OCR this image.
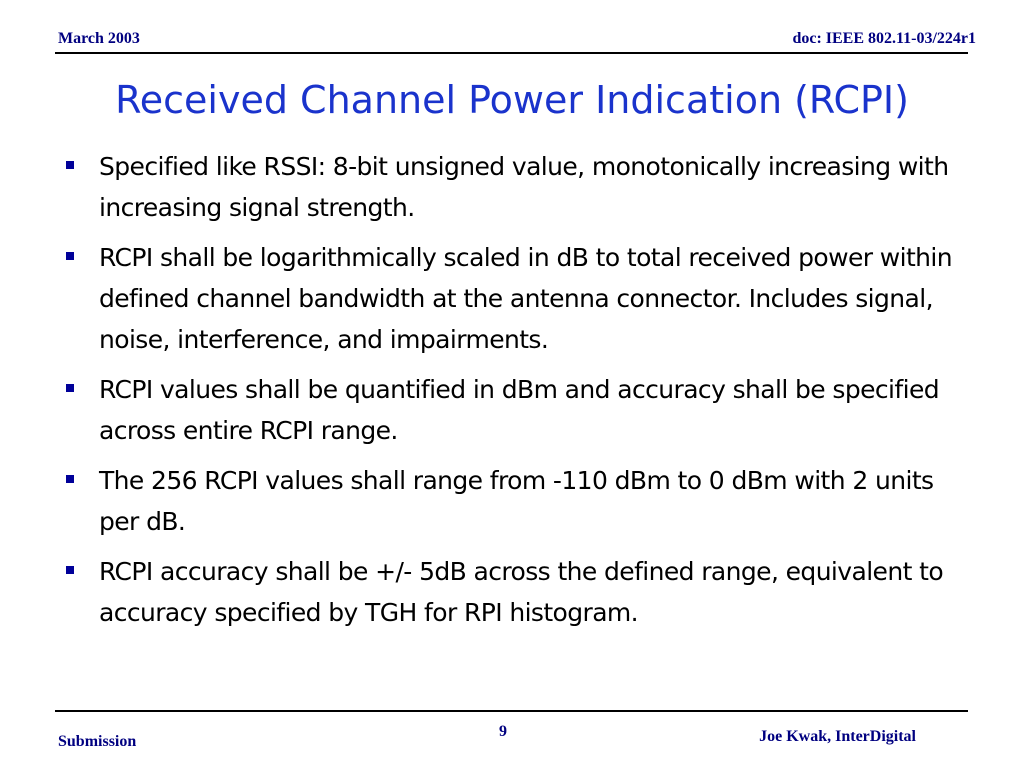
March 2003	doc: IEEE 802.11-03/224r1
Received Channel Power Indication (RCPI)
Specified like RSSI: 8-bit unsigned value, monotonically increasing with increasing signal strength.
RCPI shall be logarithmically scaled in dB to total received power within defined channel bandwidth at the antenna connector. Includes signal, noise, interference, and impairments.
RCPI values shall be quantified in dBm and accuracy shall be specified across entire RCPI range.
The 256 RCPI values shall range from -110 dBm to 0 dBm with 2 units per dB.
RCPI accuracy shall be +/- 5dB across the defined range, equivalent to accuracy specified by TGH for RPI histogram.
Submission
9	Joe Kwak, InterDigital
